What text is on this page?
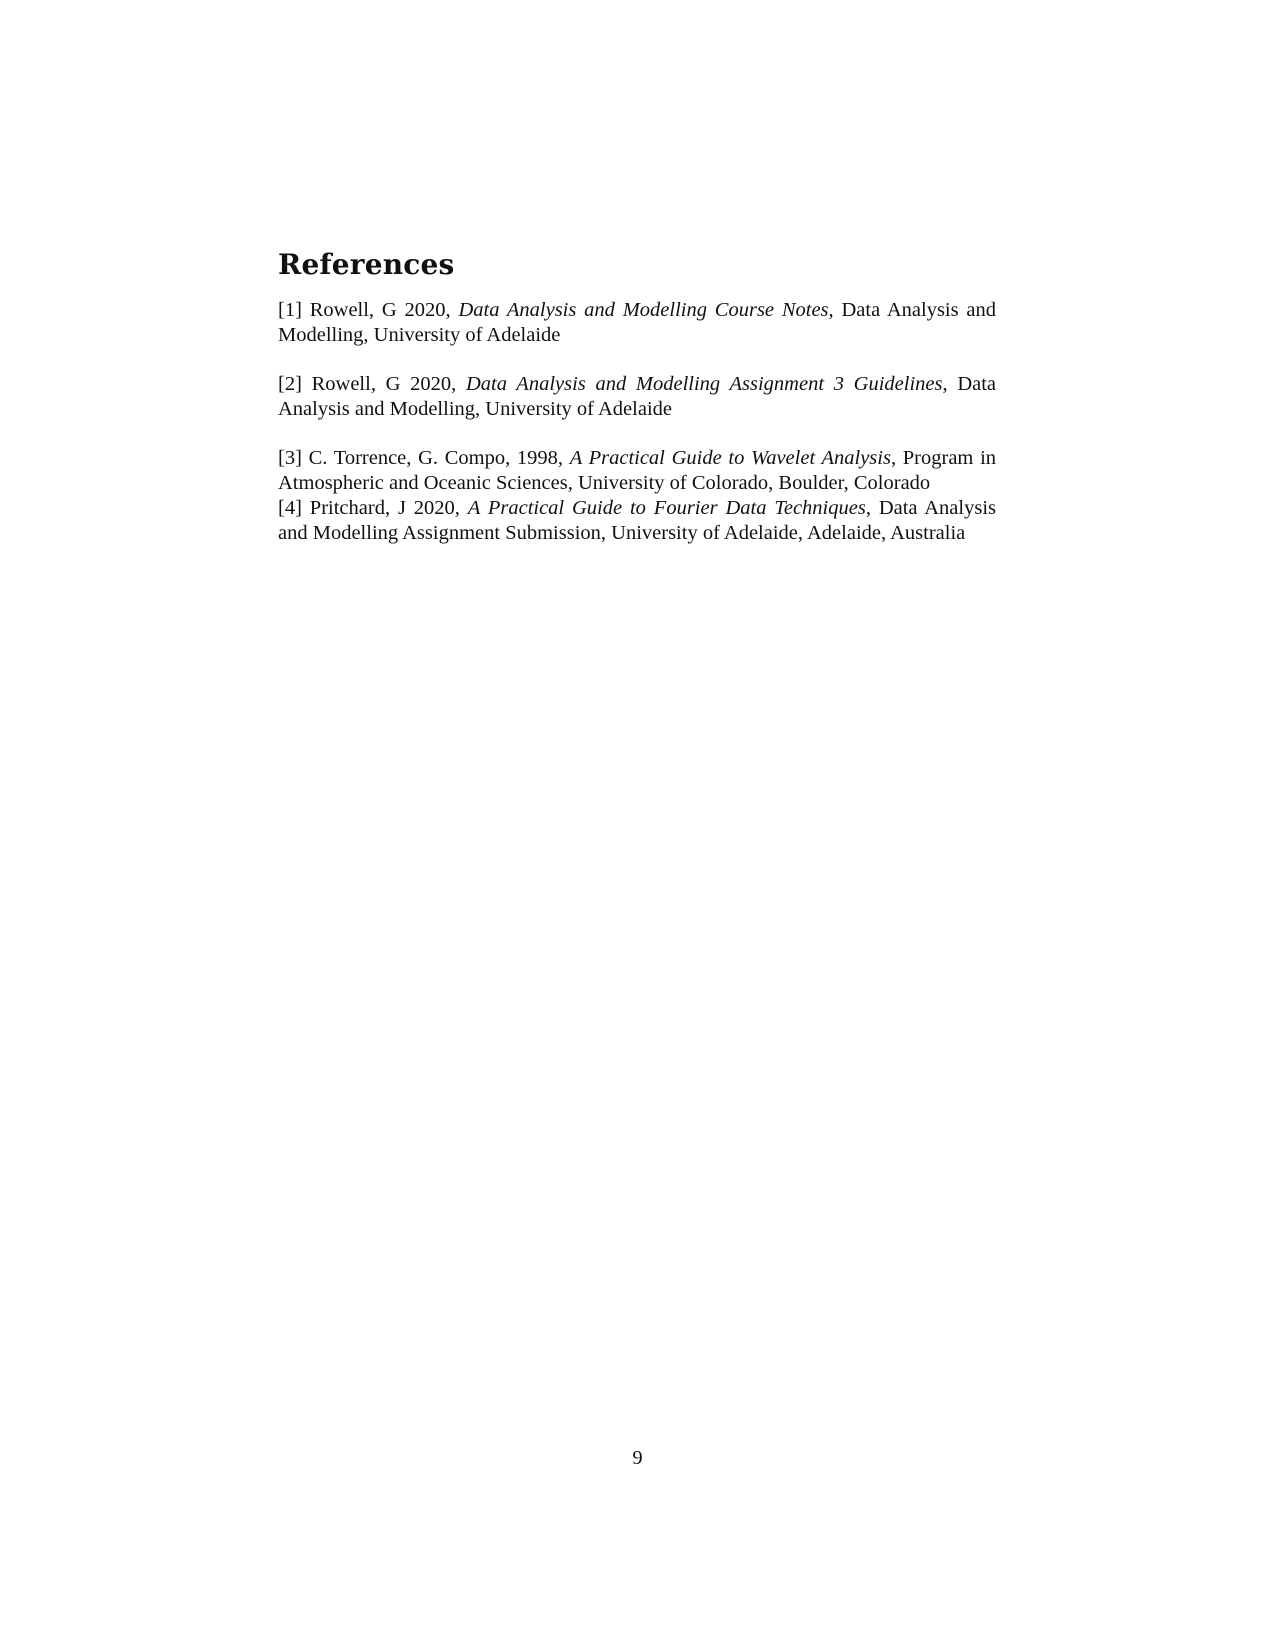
References

[1] Rowell, G 2020, Data Analysis and Modelling Course Notes, Data Analysis and Modelling, University of Adelaide

[2] Rowell, G 2020, Data Analysis and Modelling Assignment 3 Guidelines, Data Analysis and Modelling, University of Adelaide

[3] C. Torrence, G. Compo, 1998, A Practical Guide to Wavelet Analysis, Program in Atmospheric and Oceanic Sciences, University of Colorado, Boulder, Colorado

[4] Pritchard, J 2020, A Practical Guide to Fourier Data Techniques, Data Analysis and Modelling Assignment Submission, University of Adelaide, Adelaide, Australia

9
